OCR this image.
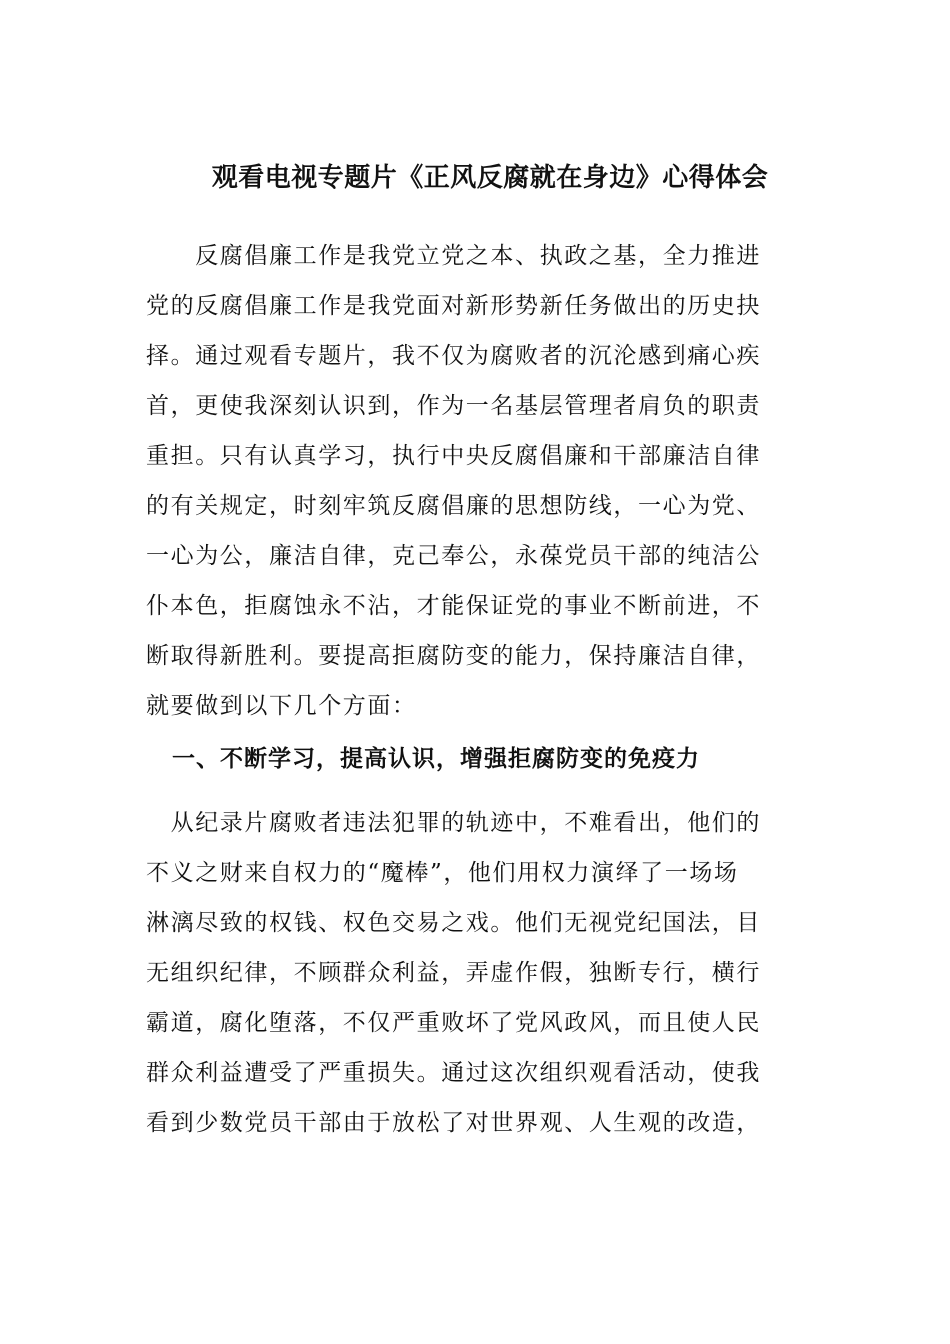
观看电视专题片《正风反腐就在身边》心得体会

　　反腐倡廉工作是我党立党之本、执政之基，全力推进
党的反腐倡廉工作是我党面对新形势新任务做出的历史抉
择。通过观看专题片，我不仅为腐败者的沉沦感到痛心疾
首，更使我深刻认识到，作为一名基层管理者肩负的职责
重担。只有认真学习，执行中央反腐倡廉和干部廉洁自律
的有关规定，时刻牢筑反腐倡廉的思想防线，一心为党、
一心为公，廉洁自律，克己奉公，永葆党员干部的纯洁公
仆本色，拒腐蚀永不沾，才能保证党的事业不断前进，不
断取得新胜利。要提高拒腐防变的能力，保持廉洁自律，
就要做到以下几个方面：

一、不断学习，提高认识，增强拒腐防变的免疫力

　从纪录片腐败者违法犯罪的轨迹中，不难看出，他们的
不义之财来自权力的“魔棒”，他们用权力演绎了一场场
淋漓尽致的权钱、权色交易之戏。他们无视党纪国法，目
无组织纪律，不顾群众利益，弄虚作假，独断专行，横行
霸道，腐化堕落，不仅严重败坏了党风政风，而且使人民
群众利益遭受了严重损失。通过这次组织观看活动，使我
看到少数党员干部由于放松了对世界观、人生观的改造，
